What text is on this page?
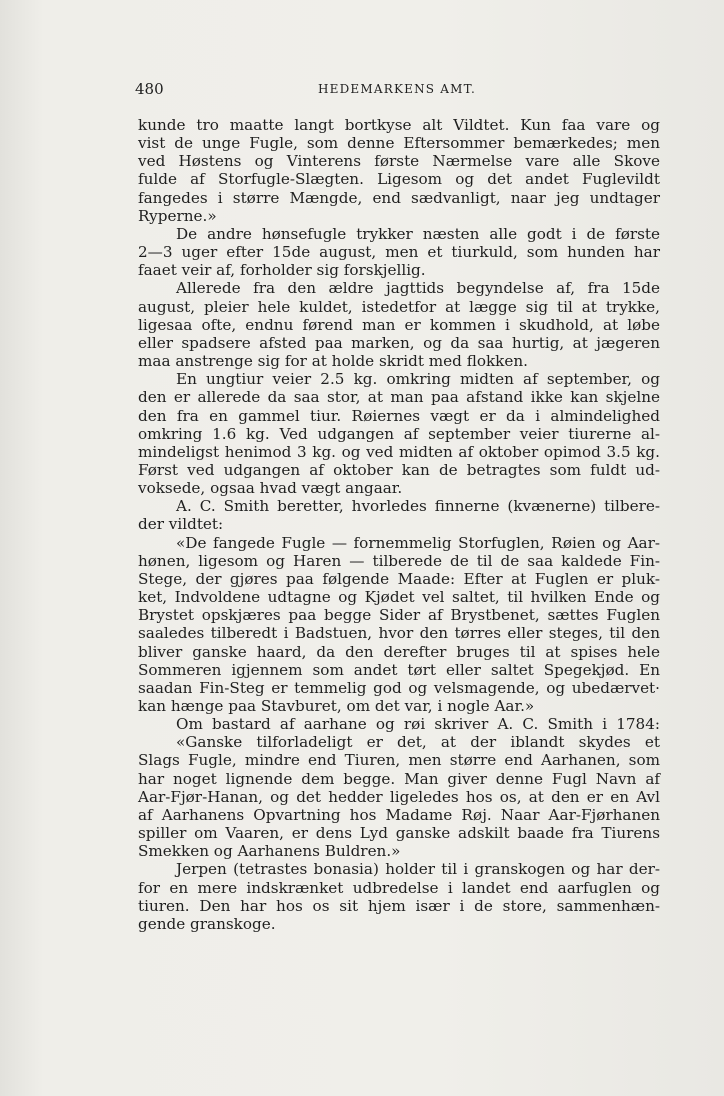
480	HEDEMARKENS AMT.
kunde tro maatte langt bortkyse alt Vildtet. Kun faa vare og
vist de unge Fugle, som denne Eftersommer bemærkedes; men
ved Høstens og Vinterens første Nærmelse vare alle Skove
fulde af Storfugle-Slægten. Ligesom og det andet Fuglevildt
fangedes i større Mængde, end sædvanligt, naar jeg undtager
Ryperne.»
De andre hønsefugle trykker næsten alle godt i de første
2—3 uger efter 15de august, men et tiurkuld, som hunden har
faaet veir af, forholder sig forskjellig.
Allerede fra den ældre jagttids begyndelse af, fra 15de
august, pleier hele kuldet, istedetfor at lægge sig til at trykke,
ligesaa ofte, endnu førend man er kommen i skudhold, at løbe
eller spadsere afsted paa marken, og da saa hurtig, at jægeren
maa anstrenge sig for at holde skridt med flokken.
En ungtiur veier 2.5 kg. omkring midten af september, og
den er allerede da saa stor, at man paa afstand ikke kan skjelne
den fra en gammel tiur. Røiernes vægt er da i almindelighed
omkring 1.6 kg. Ved udgangen af september veier tiurerne al-
mindeligst henimod 3 kg. og ved midten af oktober opimod 3.5 kg.
Først ved udgangen af oktober kan de betragtes som fuldt ud-
voksede, ogsaa hvad vægt angaar.
A. C. Smith beretter, hvorledes finnerne (kvænerne) tilbere-
der vildtet:
«De fangede Fugle — fornemmelig Storfuglen, Røien og Aar-
hønen, ligesom og Haren — tilberede de til de saa kaldede Fin-
Stege, der gjøres paa følgende Maade: Efter at Fuglen er pluk-
ket, Indvoldene udtagne og Kjødet vel saltet, til hvilken Ende og
Brystet opskjæres paa begge Sider af Brystbenet, sættes Fuglen
saaledes tilberedt i Badstuen, hvor den tørres eller steges, til den
bliver ganske haard, da den derefter bruges til at spises hele
Sommeren igjennem som andet tørt eller saltet Spegekjød. En
saadan Fin-Steg er temmelig god og velsmagende, og ubedærvet·
kan hænge paa Stavburet, om det var, i nogle Aar.»
Om bastard af aarhane og røi skriver A. C. Smith i 1784:
«Ganske tilforladeligt er det, at der iblandt skydes et
Slags Fugle, mindre end Tiuren, men større end Aarhanen, som
har noget lignende dem begge. Man giver denne Fugl Navn af
Aar-Fjør-Hanan, og det hedder ligeledes hos os, at den er en Avl
af Aarhanens Opvartning hos Madame Røj. Naar Aar-Fjørhanen
spiller om Vaaren, er dens Lyd ganske adskilt baade fra Tiurens
Smekken og Aarhanens Buldren.»
Jerpen (tetrastes bonasia) holder til i granskogen og har der-
for en mere indskrænket udbredelse i landet end aarfuglen og
tiuren. Den har hos os sit hjem især i de store, sammenhæn-
gende granskoge.
